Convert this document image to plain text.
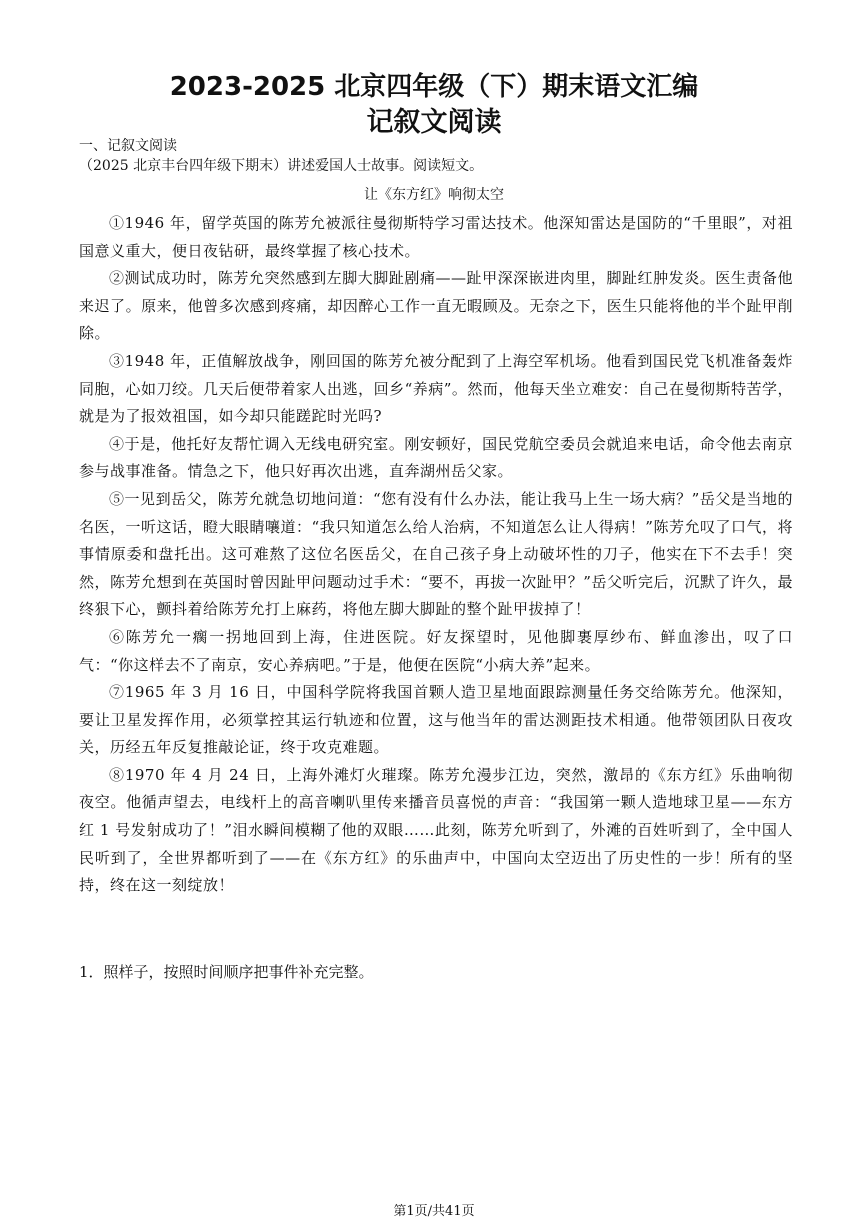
2023-2025 北京四年级（下）期末语文汇编
记叙文阅读
一、记叙文阅读
（2025 北京丰台四年级下期末）讲述爱国人士故事。阅读短文。
让《东方红》响彻太空

①1946 年，留学英国的陈芳允被派往曼彻斯特学习雷达技术。他深知雷达是国防的“千里眼”，对祖国意义重大，便日夜钻研，最终掌握了核心技术。

②测试成功时，陈芳允突然感到左脚大脚趾剧痛——趾甲深深嵌进肉里，脚趾红肿发炎。医生责备他来迟了。原来，他曾多次感到疼痛，却因醉心工作一直无暇顾及。无奈之下，医生只能将他的半个趾甲削除。

③1948 年，正值解放战争，刚回国的陈芳允被分配到了上海空军机场。他看到国民党飞机准备轰炸同胞，心如刀绞。几天后便带着家人出逃，回乡“养病”。然而，他每天坐立难安：自己在曼彻斯特苦学，就是为了报效祖国，如今却只能蹉跎时光吗?

④于是，他托好友帮忙调入无线电研究室。刚安顿好，国民党航空委员会就追来电话，命令他去南京参与战事准备。情急之下，他只好再次出逃，直奔湖州岳父家。

⑤一见到岳父，陈芳允就急切地问道：“您有没有什么办法，能让我马上生一场大病？”岳父是当地的名医，一听这话，瞪大眼睛嚷道：“我只知道怎么给人治病，不知道怎么让人得病！”陈芳允叹了口气，将事情原委和盘托出。这可难熬了这位名医岳父，在自己孩子身上动破坏性的刀子，他实在下不去手！突然，陈芳允想到在英国时曾因趾甲问题动过手术：“要不，再拔一次趾甲？”岳父听完后，沉默了许久，最终狠下心，颤抖着给陈芳允打上麻药，将他左脚大脚趾的整个趾甲拔掉了！

⑥陈芳允一瘸一拐地回到上海，住进医院。好友探望时，见他脚裹厚纱布、鲜血渗出，叹了口气：“你这样去不了南京，安心养病吧。”于是，他便在医院“小病大养”起来。

⑦1965 年 3 月 16 日，中国科学院将我国首颗人造卫星地面跟踪测量任务交给陈芳允。他深知，要让卫星发挥作用，必须掌控其运行轨迹和位置，这与他当年的雷达测距技术相通。他带领团队日夜攻关，历经五年反复推敲论证，终于攻克难题。

⑧1970 年 4 月 24 日，上海外滩灯火璀璨。陈芳允漫步江边，突然，激昂的《东方红》乐曲响彻夜空。他循声望去，电线杆上的高音喇叭里传来播音员喜悦的声音：“我国第一颗人造地球卫星——东方红 1 号发射成功了！”泪水瞬间模糊了他的双眼……此刻，陈芳允听到了，外滩的百姓听到了，全中国人民听到了，全世界都听到了——在《东方红》的乐曲声中，中国向太空迈出了历史性的一步！所有的坚持，终在这一刻绽放！

1．照样子，按照时间顺序把事件补充完整。
第1页/共41页
